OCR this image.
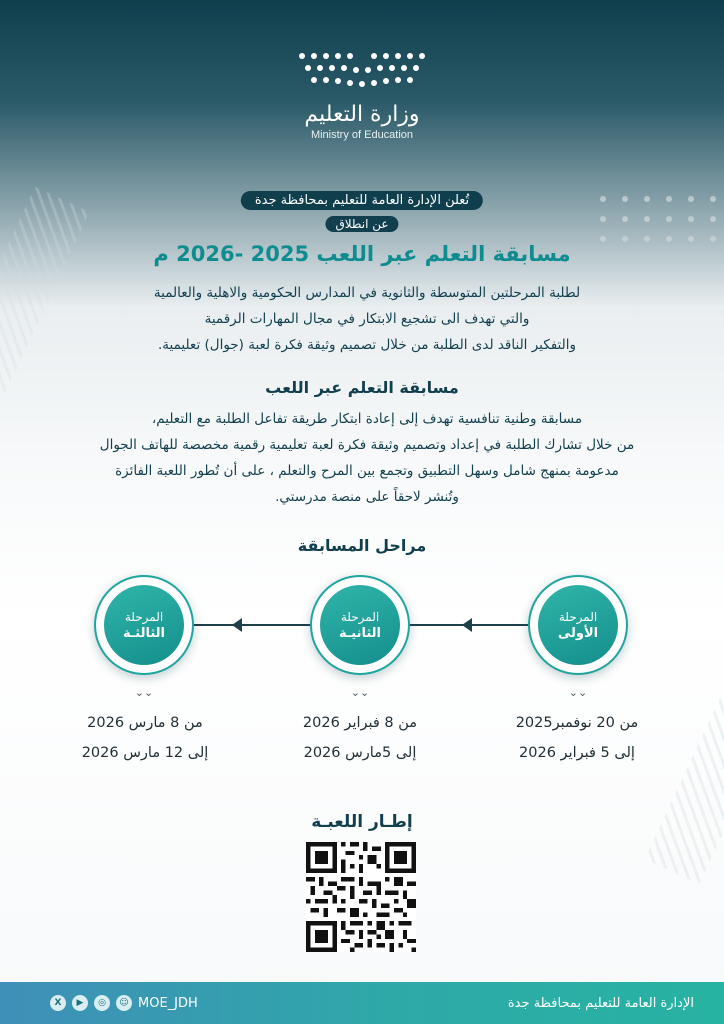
وزارة التعليم
Ministry of Education
تُعلن الإدارة العامة للتعليم بمحافظة جدة
عن انطلاق
مسابقة التعلم عبر اللعب 2025 -2026 م
لطلبة المرحلتين المتوسطة والثانوية في المدارس الحكومية والاهلية والعالمية
والتي تهدف الى تشجيع الابتكار في مجال المهارات الرقمية
والتفكير الناقد لدى الطلبة من خلال تصميم وثيقة فكرة لعبة (جوال) تعليمية.
مسابقة التعلم عبر اللعب
مسابقة وطنية تنافسية تهدف إلى إعادة ابتكار طريقة تفاعل الطلبة مع التعليم،
من خلال تشارك الطلبة في إعداد وتصميم وثيقة فكرة لعبة تعليمية رقمية مخصصة للهاتف الجوال
مدعومة بمنهج شامل وسهل التطبيق وتجمع بين المرح والتعلم ، على أن تُطور اللعبة الفائزة
وتُنشر لاحقاً على منصة مدرستي.
مراحل المسابقة
المرحلة
الأولى
المرحلة
الثانيـة
المرحلة
الثالثـة
⌄⌄
⌄⌄
⌄⌄
من 20 نوفمبر2025
إلى 5 فبراير 2026
من 8 فبراير 2026
إلى 5مارس 2026
من 8 مارس 2026
إلى 12 مارس 2026
إطـار اللعبـة
X	▶	◎	☺ MOE_JDH	الإدارة العامة للتعليم بمحافظة جدة
